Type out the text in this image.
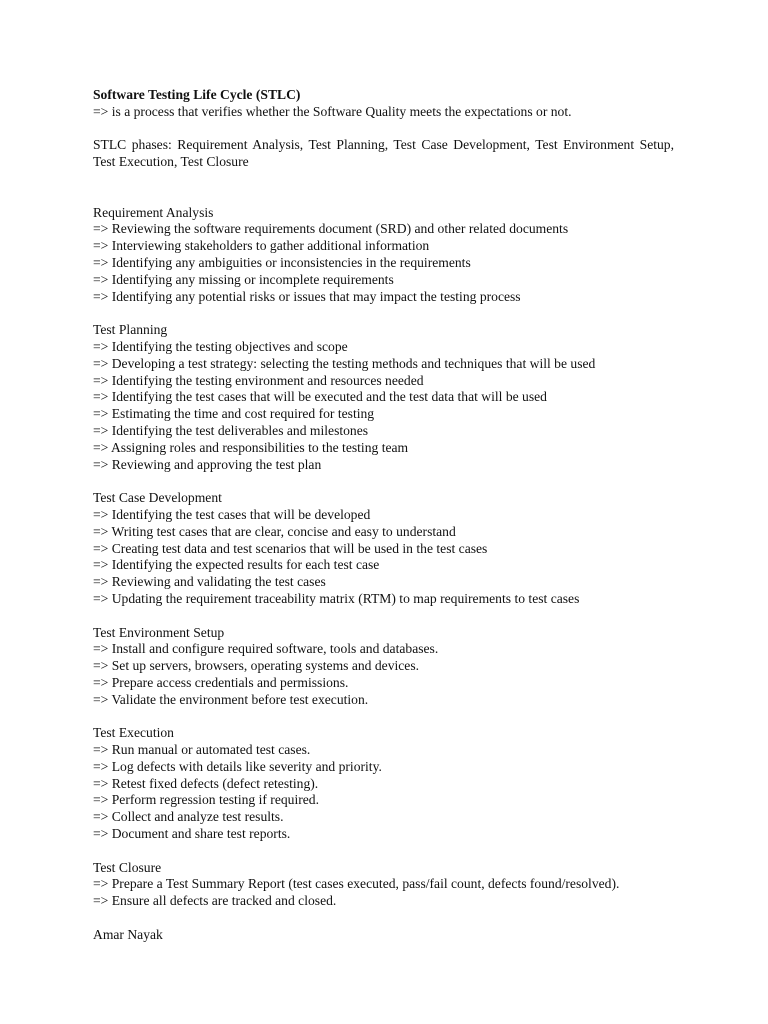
Software Testing Life Cycle (STLC)
=> is a process that verifies whether the Software Quality meets the expectations or not.
STLC phases: Requirement Analysis, Test Planning, Test Case Development, Test Environment Setup, Test Execution, Test Closure
Requirement Analysis
=> Reviewing the software requirements document (SRD) and other related documents
=> Interviewing stakeholders to gather additional information
=> Identifying any ambiguities or inconsistencies in the requirements
=> Identifying any missing or incomplete requirements
=> Identifying any potential risks or issues that may impact the testing process
Test Planning
=> Identifying the testing objectives and scope
=> Developing a test strategy: selecting the testing methods and techniques that will be used
=> Identifying the testing environment and resources needed
=> Identifying the test cases that will be executed and the test data that will be used
=> Estimating the time and cost required for testing
=> Identifying the test deliverables and milestones
=> Assigning roles and responsibilities to the testing team
=> Reviewing and approving the test plan
Test Case Development
=> Identifying the test cases that will be developed
=> Writing test cases that are clear, concise and easy to understand
=> Creating test data and test scenarios that will be used in the test cases
=> Identifying the expected results for each test case
=> Reviewing and validating the test cases
=> Updating the requirement traceability matrix (RTM) to map requirements to test cases
Test Environment Setup
=> Install and configure required software, tools and databases.
=> Set up servers, browsers, operating systems and devices.
=> Prepare access credentials and permissions.
=> Validate the environment before test execution.
Test Execution
=> Run manual or automated test cases.
=> Log defects with details like severity and priority.
=> Retest fixed defects (defect retesting).
=> Perform regression testing if required.
=> Collect and analyze test results.
=> Document and share test reports.
Test Closure
=> Prepare a Test Summary Report (test cases executed, pass/fail count, defects found/resolved).
=> Ensure all defects are tracked and closed.
Amar Nayak
